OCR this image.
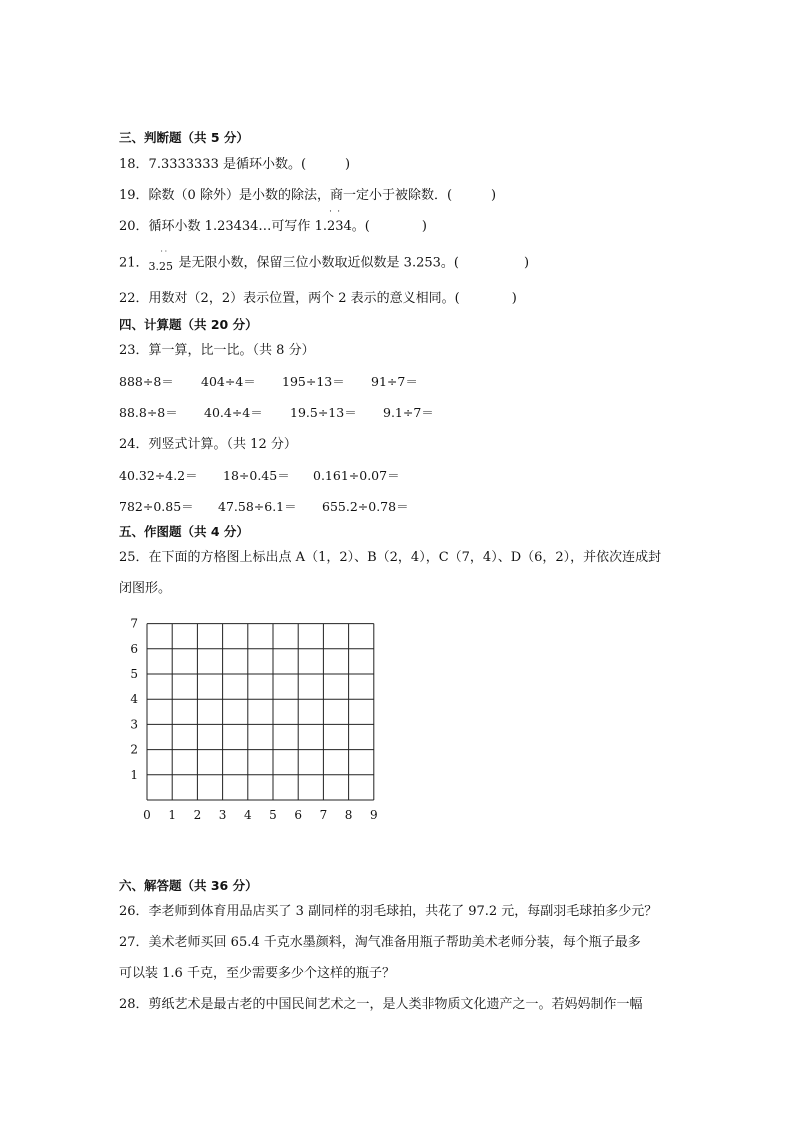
三、判断题（共 5 分）
18．7.3333333 是循环小数。(　　　)
19．除数（0 除外）是小数的除法，商一定小于被除数．(　　　)
20．循环小数 1.23434…可写作 1.
˙ ˙
234。(　　　　)
21．
˙˙
3.25 是无限小数，保留三位小数取近似数是 3.253。(　　　　　)
22．用数对（2，2）表示位置，两个 2 表示的意义相同。(　　　　)
四、计算题（共 20 分）
23．算一算，比一比。（共 8 分）
888÷8＝ 404÷4＝ 195÷13＝ 91÷7＝
88.8÷8＝ 40.4÷4＝ 19.5÷13＝ 9.1÷7＝
24．列竖式计算。（共 12 分）
40.32÷4.2＝ 18÷0.45＝ 0.161÷0.07＝
782÷0.85＝ 47.58÷6.1＝ 655.2÷0.78＝
五、作图题（共 4 分）
25．在下面的方格图上标出点 A（1，2）、B（2，4），C（7，4）、D（6，2），并依次连成封
闭图形。
0 1 2 3 4 5 6 7 8 9
1
2
3
4
5
6
7
六、解答题（共 36 分）
26．李老师到体育用品店买了 3 副同样的羽毛球拍，共花了 97.2 元，每副羽毛球拍多少元？
27．美术老师买回 65.4 千克水墨颜料，淘气准备用瓶子帮助美术老师分装，每个瓶子最多
可以装 1.6 千克，至少需要多少个这样的瓶子？
28．剪纸艺术是最古老的中国民间艺术之一，是人类非物质文化遗产之一。若妈妈制作一幅
